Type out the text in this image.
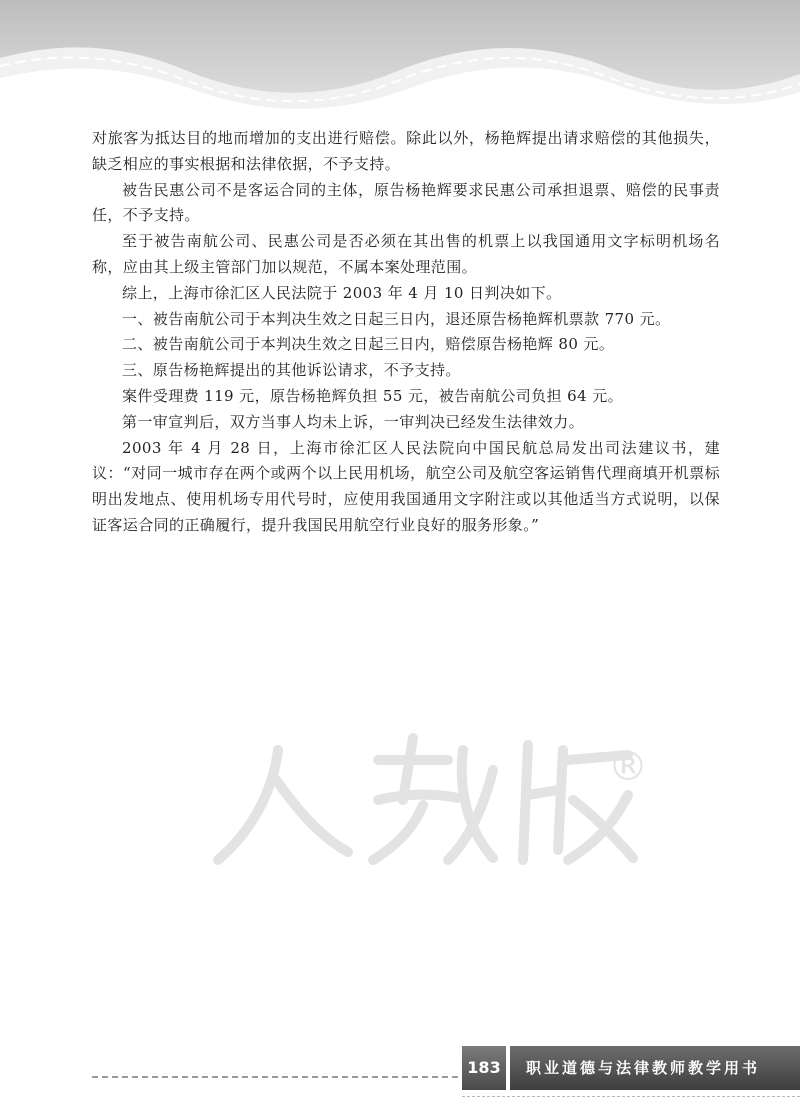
对旅客为抵达目的地而增加的支出进行赔偿。除此以外，杨艳辉提出请求赔偿的其他损失，缺乏相应的事实根据和法律依据，不予支持。

被告民惠公司不是客运合同的主体，原告杨艳辉要求民惠公司承担退票、赔偿的民事责任，不予支持。

至于被告南航公司、民惠公司是否必须在其出售的机票上以我国通用文字标明机场名称，应由其上级主管部门加以规范，不属本案处理范围。

综上，上海市徐汇区人民法院于 2003 年 4 月 10 日判决如下。

一、被告南航公司于本判决生效之日起三日内，退还原告杨艳辉机票款 770 元。

二、被告南航公司于本判决生效之日起三日内，赔偿原告杨艳辉 80 元。

三、原告杨艳辉提出的其他诉讼请求，不予支持。

案件受理费 119 元，原告杨艳辉负担 55 元，被告南航公司负担 64 元。

第一审宣判后，双方当事人均未上诉，一审判决已经发生法律效力。

2003 年 4 月 28 日，上海市徐汇区人民法院向中国民航总局发出司法建议书，建议：“对同一城市存在两个或两个以上民用机场，航空公司及航空客运销售代理商填开机票标明出发地点、使用机场专用代号时，应使用我国通用文字附注或以其他适当方式说明，以保证客运合同的正确履行，提升我国民用航空行业良好的服务形象。”

®
183	职业道德与法律教师教学用书
